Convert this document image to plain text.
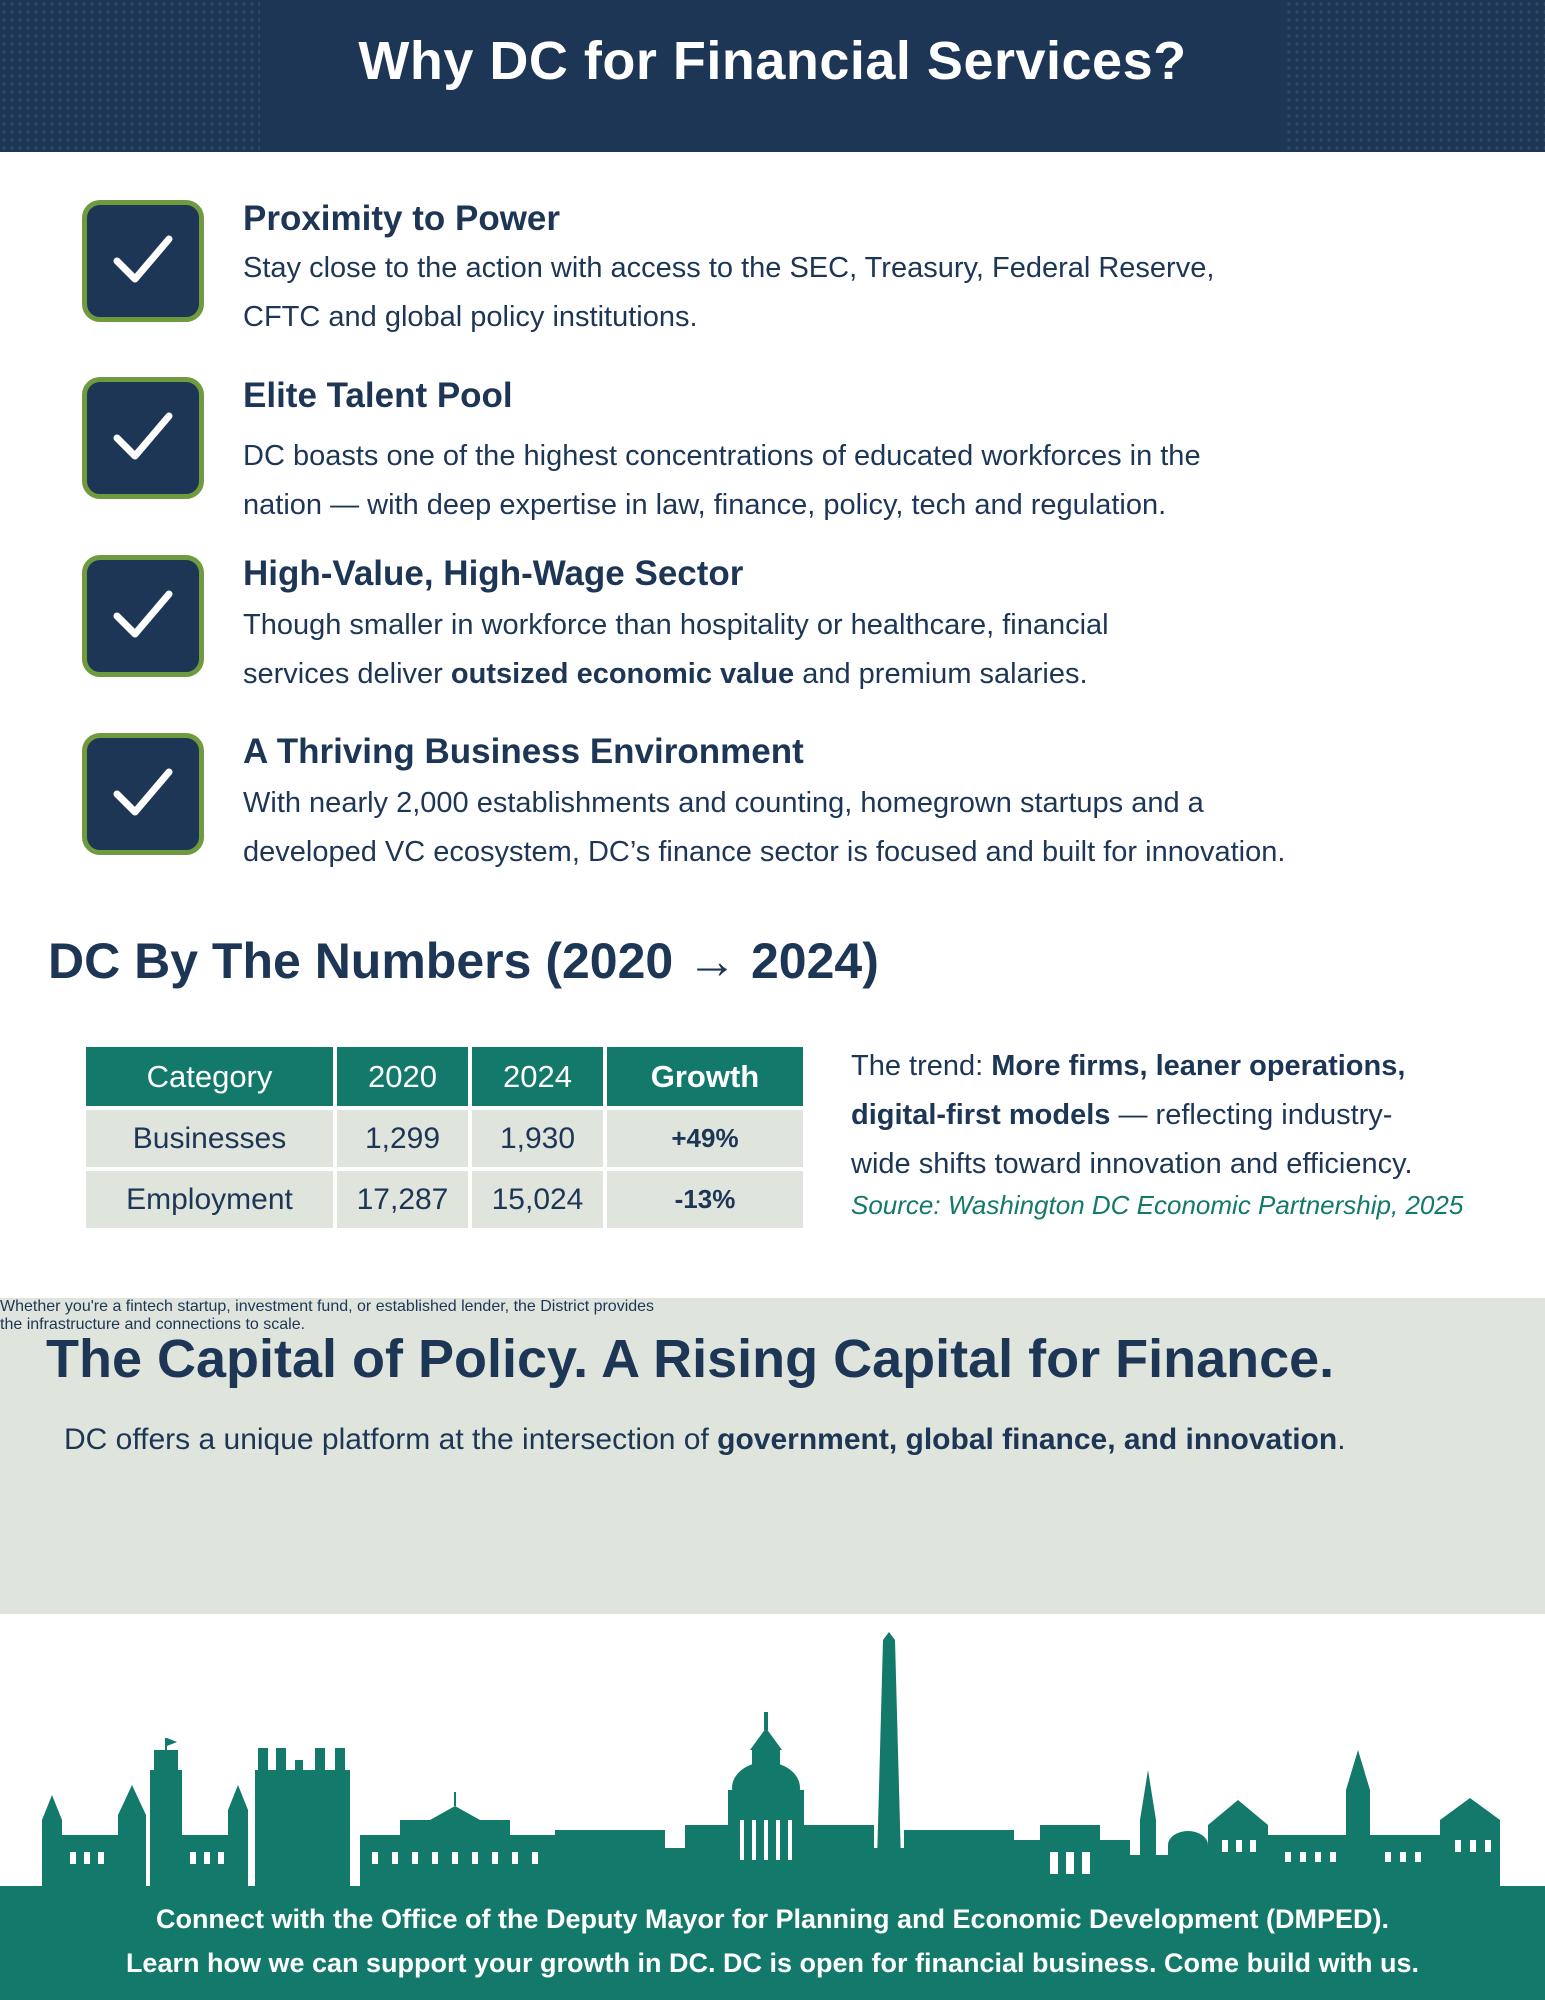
Why DC for Financial Services?
Proximity to Power
Stay close to the action with access to the SEC, Treasury, Federal Reserve,
CFTC and global policy institutions.
Elite Talent Pool
DC boasts one of the highest concentrations of educated workforces in the
nation — with deep expertise in law, finance, policy, tech and regulation.
High-Value, High-Wage Sector
Though smaller in workforce than hospitality or healthcare, financial
services deliver outsized economic value and premium salaries.
A Thriving Business Environment
With nearly 2,000 establishments and counting, homegrown startups and a
developed VC ecosystem, DC’s finance sector is focused and built for innovation.
DC By The Numbers (2020 → 2024)
Category	2020	2024	Growth
Businesses	1,299	1,930	+49%
Employment	17,287	15,024	-13%
The trend: More firms, leaner operations,
digital-first models — reflecting industry-
wide shifts toward innovation and efficiency.
Source: Washington DC Economic Partnership, 2025
The Capital of Policy. A Rising Capital for Finance.

DC offers a unique platform at the intersection of government, global finance, and innovation.

Whether you're a fintech startup, investment fund, or established lender, the District provides
the infrastructure and connections to scale.

Connect with the Office of the Deputy Mayor for Planning and Economic Development (DMPED).
Learn how we can support your growth in DC. DC is open for financial business. Come build with us.
